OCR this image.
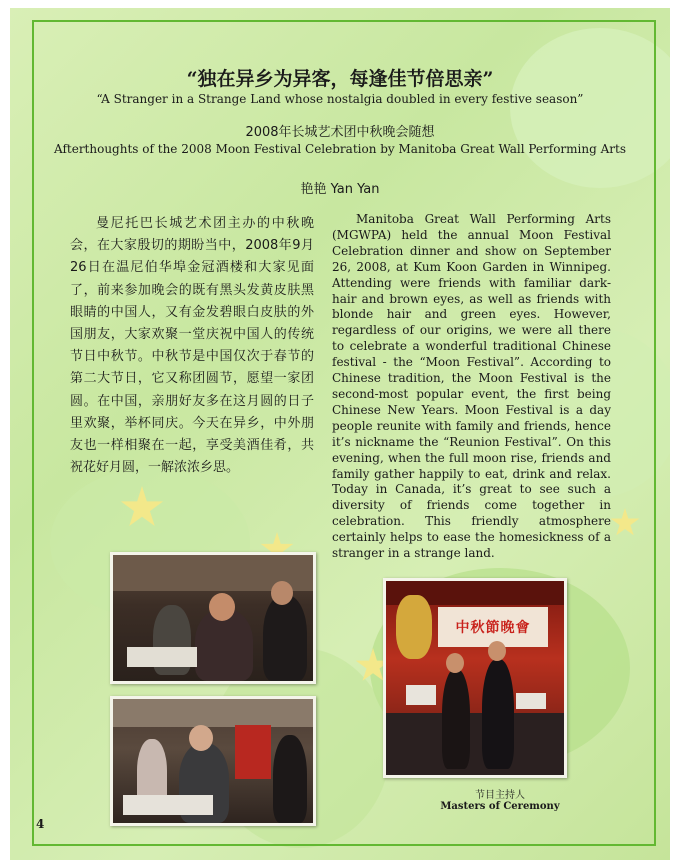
“独在异乡为异客，每逢佳节倍思亲”
“A Stranger in a Strange Land whose nostalgia doubled in every festive season”
2008年长城艺术团中秋晚会随想
Afterthoughts of the 2008 Moon Festival Celebration by Manitoba Great Wall Performing Arts
艳艳 Yan Yan

曼尼托巴长城艺术团主办的中秋晚会，在大家殷切的期盼当中，2008年9月26日在温尼伯华埠金冠酒楼和大家见面了，前来参加晚会的既有黑头发黄皮肤黑眼睛的中国人，又有金发碧眼白皮肤的外国朋友，大家欢聚一堂庆祝中国人的传统节日中秋节。中秋节是中国仅次于春节的第二大节日，它又称团圆节，愿望一家团圆。在中国，亲朋好友多在这月圆的日子里欢聚，举杯同庆。今天在异乡，中外朋友也一样相聚在一起，享受美酒佳肴，共祝花好月圆，一解浓浓乡思。

Manitoba Great Wall Performing Arts (MGWPA) held the annual Moon Festival Celebration dinner and show on September 26, 2008, at Kum Koon Garden in Winnipeg. Attending were friends with familiar dark-hair and brown eyes, as well as friends with blonde hair and green eyes. However, regardless of our origins, we were all there to celebrate a wonderful traditional Chinese festival - the “Moon Festival”. According to Chinese tradition, the Moon Festival is the second-most popular event, the first being Chinese New Years. Moon Festival is a day people reunite with family and friends, hence it’s nickname the “Reunion Festival”. On this evening, when the full moon rise, friends and family gather happily to eat, drink and relax. Today in Canada, it’s great to see such a diversity of friends come together in celebration. This friendly atmosphere certainly helps to ease the homesickness of a stranger in a strange land.

中秋節晚會
节目主持人
Masters of Ceremony
4
